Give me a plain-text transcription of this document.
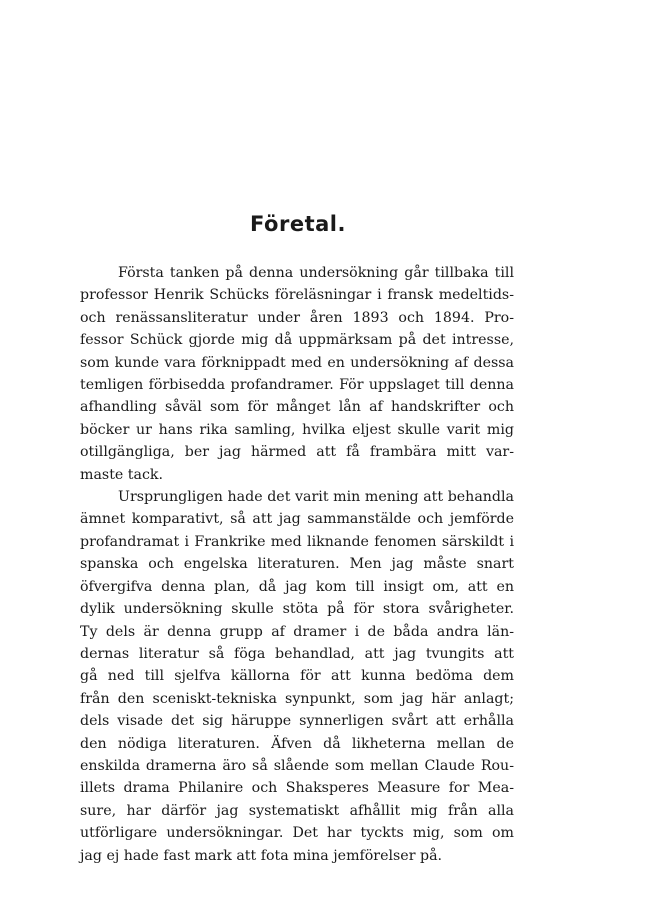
Företal.
Första tanken på denna undersökning går tillbaka till
professor Henrik Schücks föreläsningar i fransk medeltids-
och renässansliteratur under åren 1893 och 1894. Pro-
fessor Schück gjorde mig då uppmärksam på det intresse,
som kunde vara förknippadt med en undersökning af dessa
temligen förbisedda profandramer. För uppslaget till denna
afhandling såväl som för månget lån af handskrifter och
böcker ur hans rika samling, hvilka eljest skulle varit mig
otillgängliga, ber jag härmed att få frambära mitt var-
maste tack.
Ursprungligen hade det varit min mening att behandla
ämnet komparativt, så att jag sammanstälde och jemförde
profandramat i Frankrike med liknande fenomen särskildt i
spanska och engelska literaturen. Men jag måste snart
öfvergifva denna plan, då jag kom till insigt om, att en
dylik undersökning skulle stöta på för stora svårigheter.
Ty dels är denna grupp af dramer i de båda andra län-
dernas literatur så föga behandlad, att jag tvungits att
gå ned till sjelfva källorna för att kunna bedöma dem
från den sceniskt-tekniska synpunkt, som jag här anlagt;
dels visade det sig häruppe synnerligen svårt att erhålla
den nödiga literaturen. Äfven då likheterna mellan de
enskilda dramerna äro så slående som mellan Claude Rou-
illets drama Philanire och Shaksperes Measure for Mea-
sure, har därför jag systematiskt afhållit mig från alla
utförligare undersökningar. Det har tyckts mig, som om
jag ej hade fast mark att fota mina jemförelser på.
